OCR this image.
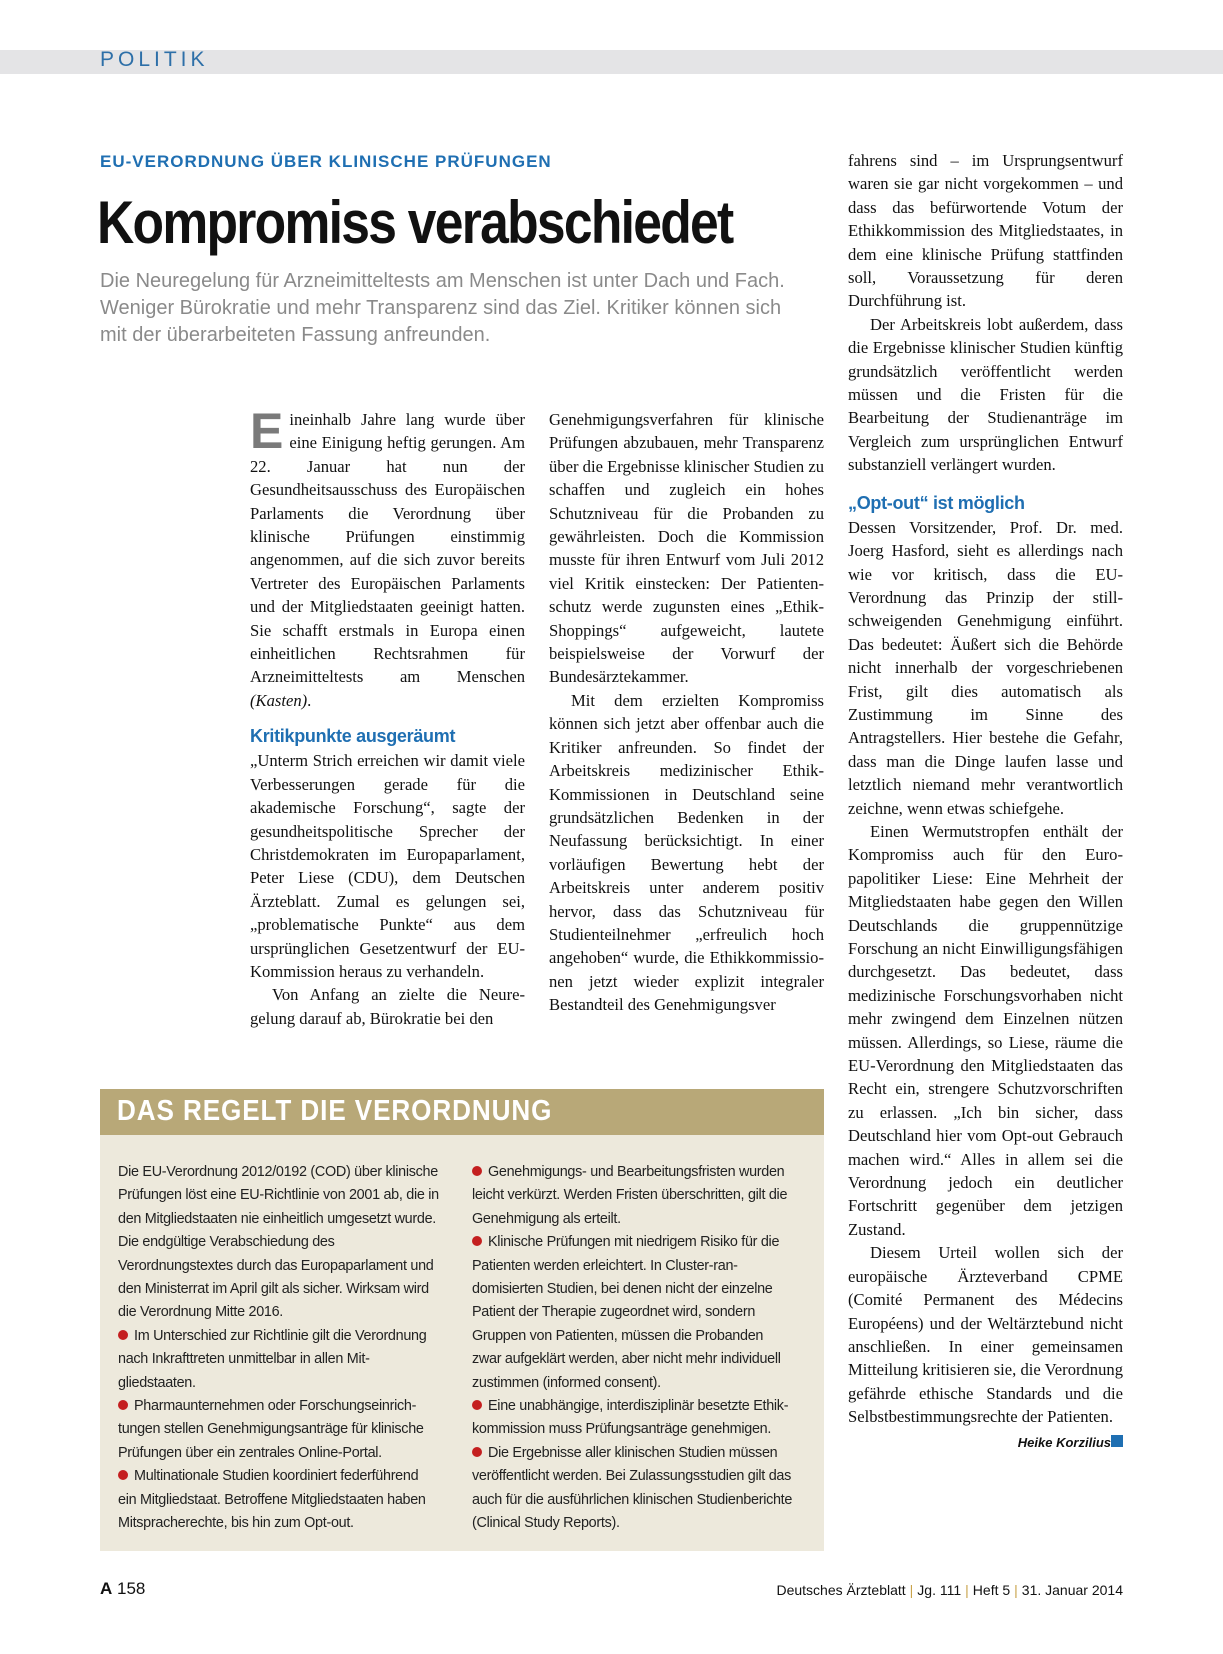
POLITIK
EU-VERORDNUNG ÜBER KLINISCHE PRÜFUNGEN
Kompromiss verabschiedet
Die Neuregelung für Arzneimitteltests am Menschen ist unter Dach und Fach. Weniger Bürokratie und mehr Transparenz sind das Ziel. Kritiker können sich mit der überarbeiteten Fassung anfreunden.

Eineinhalb Jahre lang wurde über eine Einigung heftig gerungen. Am 22. Januar hat nun der Gesundheitsausschuss des Europäischen Parlaments die Verordnung über klinische Prüfungen einstimmig angenommen, auf die sich zuvor bereits Vertreter des Europäischen Parlaments und der Mitgliedstaaten geeinigt hatten. Sie schafft erstmals in Europa einen einheitlichen Rechtsrahmen für Arzneimitteltests am Menschen (Kasten).

Kritikpunkte ausgeräumt

„Unterm Strich erreichen wir damit viele Verbesserungen gerade für die akademische Forschung“, sagte der gesundheitspolitische Sprecher der Christdemokraten im Europaparlament, Peter Liese (CDU), dem Deutschen Ärzteblatt. Zumal es gelungen sei, „problematische Punkte“ aus dem ursprünglichen Gesetzentwurf der EU-Kommission heraus zu verhandeln.

Von Anfang an zielte die Neuregelung darauf ab, Bürokratie bei den

Genehmigungsverfahren für klinische Prüfungen abzubauen, mehr Transparenz über die Ergebnisse klinischer Studien zu schaffen und zugleich ein hohes Schutzniveau für die Probanden zu gewährleisten. Doch die Kommission musste für ihren Entwurf vom Juli 2012 viel Kritik einstecken: Der Patientenschutz werde zugunsten eines „Ethik-Shoppings“ aufgeweicht, lautete beispielsweise der Vorwurf der Bundesärztekammer.

Mit dem erzielten Kompromiss können sich jetzt aber offenbar auch die Kritiker anfreunden. So findet der Arbeitskreis medizinischer Ethik-Kommissionen in Deutschland seine grundsätzlichen Bedenken in der Neufassung berücksichtigt. In einer vorläufigen Bewertung hebt der Arbeitskreis unter anderem positiv hervor, dass das Schutzniveau für Studienteilnehmer „erfreulich hoch angehoben“ wurde, die Ethikkommissionen jetzt wieder explizit integraler Bestandteil des Genehmigungsver

fahrens sind – im Ursprungsentwurf waren sie gar nicht vorgekommen – und dass das befürwortende Votum der Ethikkommission des Mitgliedstaates, in dem eine klinische Prüfung stattfinden soll, Voraussetzung für deren Durchführung ist.

Der Arbeitskreis lobt außerdem, dass die Ergebnisse klinischer Studien künftig grundsätzlich veröffentlicht werden müssen und die Fristen für die Bearbeitung der Studienanträge im Vergleich zum ursprünglichen Entwurf substanziell verlängert wurden.

„Opt-out“ ist möglich

Dessen Vorsitzender, Prof. Dr. med. Joerg Hasford, sieht es allerdings nach wie vor kritisch, dass die EU-Verordnung das Prinzip der stillschweigenden Genehmigung einführt. Das bedeutet: Äußert sich die Behörde nicht innerhalb der vorgeschriebenen Frist, gilt dies automatisch als Zustimmung im Sinne des Antragstellers. Hier bestehe die Gefahr, dass man die Dinge laufen lasse und letztlich niemand mehr verantwortlich zeichne, wenn etwas schiefgehe.

Einen Wermutstropfen enthält der Kompromiss auch für den Europapolitiker Liese: Eine Mehrheit der Mitgliedstaaten habe gegen den Willen Deutschlands die gruppennützige Forschung an nicht Einwilligungsfähigen durchgesetzt. Das bedeutet, dass medizinische Forschungsvorhaben nicht mehr zwingend dem Einzelnen nützen müssen. Allerdings, so Liese, räume die EU-Verordnung den Mitgliedstaaten das Recht ein, strengere Schutzvorschriften zu erlassen. „Ich bin sicher, dass Deutschland hier vom Opt-out Gebrauch machen wird.“ Alles in allem sei die Verordnung jedoch ein deutlicher Fortschritt gegenüber dem jetzigen Zustand.

Diesem Urteil wollen sich der europäische Ärzteverband CPME (Comité Permanent des Médecins Européens) und der Weltärztebund nicht anschließen. In einer gemeinsamen Mitteilung kritisieren sie, die Verordnung gefährde ethische Standards und die Selbstbestimmungsrechte der Patienten.

Heike Korzilius

DAS REGELT DIE VERORDNUNG

Die EU-Verordnung 2012/0192 (COD) über klinische Prüfungen löst eine EU-Richtlinie von 2001 ab, die in den Mitgliedstaaten nie einheitlich umgesetzt wurde. Die endgültige Verabschiedung des Verordnungstextes durch das Europaparlament und den Ministerrat im April gilt als sicher. Wirksam wird die Verordnung Mitte 2016.

Im Unterschied zur Richtlinie gilt die Verordnung nach Inkrafttreten unmittelbar in allen Mitgliedstaaten.

Pharmaunternehmen oder Forschungseinrichtungen stellen Genehmigungsanträge für klinische Prüfungen über ein zentrales Online-Portal.

Multinationale Studien koordiniert federführend ein Mitgliedstaat. Betroffene Mitgliedstaaten haben Mitspracherechte, bis hin zum Opt-out.

Genehmigungs- und Bearbeitungsfristen wurden leicht verkürzt. Werden Fristen überschritten, gilt die Genehmigung als erteilt.

Klinische Prüfungen mit niedrigem Risiko für die Patienten werden erleichtert. In Cluster-randomisierten Studien, bei denen nicht der einzelne Patient der Therapie zugeordnet wird, sondern Gruppen von Patienten, müssen die Probanden zwar aufgeklärt werden, aber nicht mehr individuell zustimmen (informed consent).

Eine unabhängige, interdisziplinär besetzte Ethikkommission muss Prüfungsanträge genehmigen.

Die Ergebnisse aller klinischen Studien müssen veröffentlicht werden. Bei Zulassungsstudien gilt das auch für die ausführlichen klinischen Studienberichte (Clinical Study Reports).

A 158	Deutsches Ärzteblatt | Jg. 111 | Heft 5 | 31. Januar 2014
